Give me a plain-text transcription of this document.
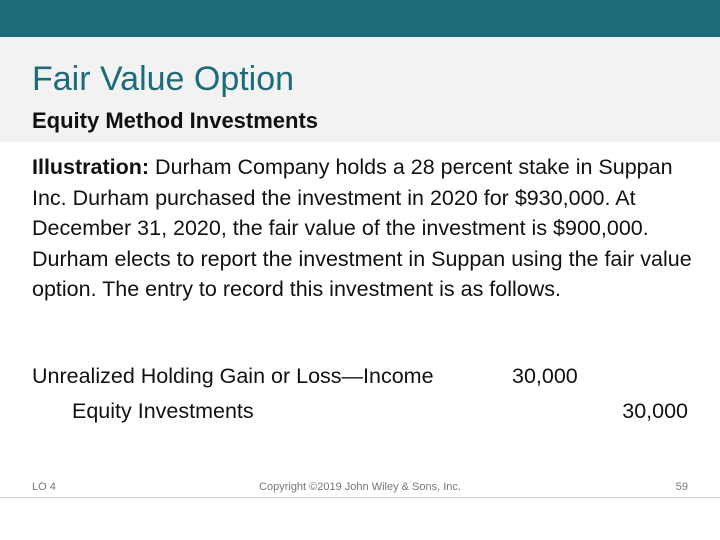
Fair Value Option
Equity Method Investments
Illustration: Durham Company holds a 28 percent stake in Suppan Inc. Durham purchased the investment in 2020 for $930,000. At December 31, 2020, the fair value of the investment is $900,000. Durham elects to report the investment in Suppan using the fair value option. The entry to record this investment is as follows.
Unrealized Holding Gain or Loss—Income	30,000
Equity Investments	30,000
LO 4	Copyright ©2019 John Wiley & Sons, Inc.	59
